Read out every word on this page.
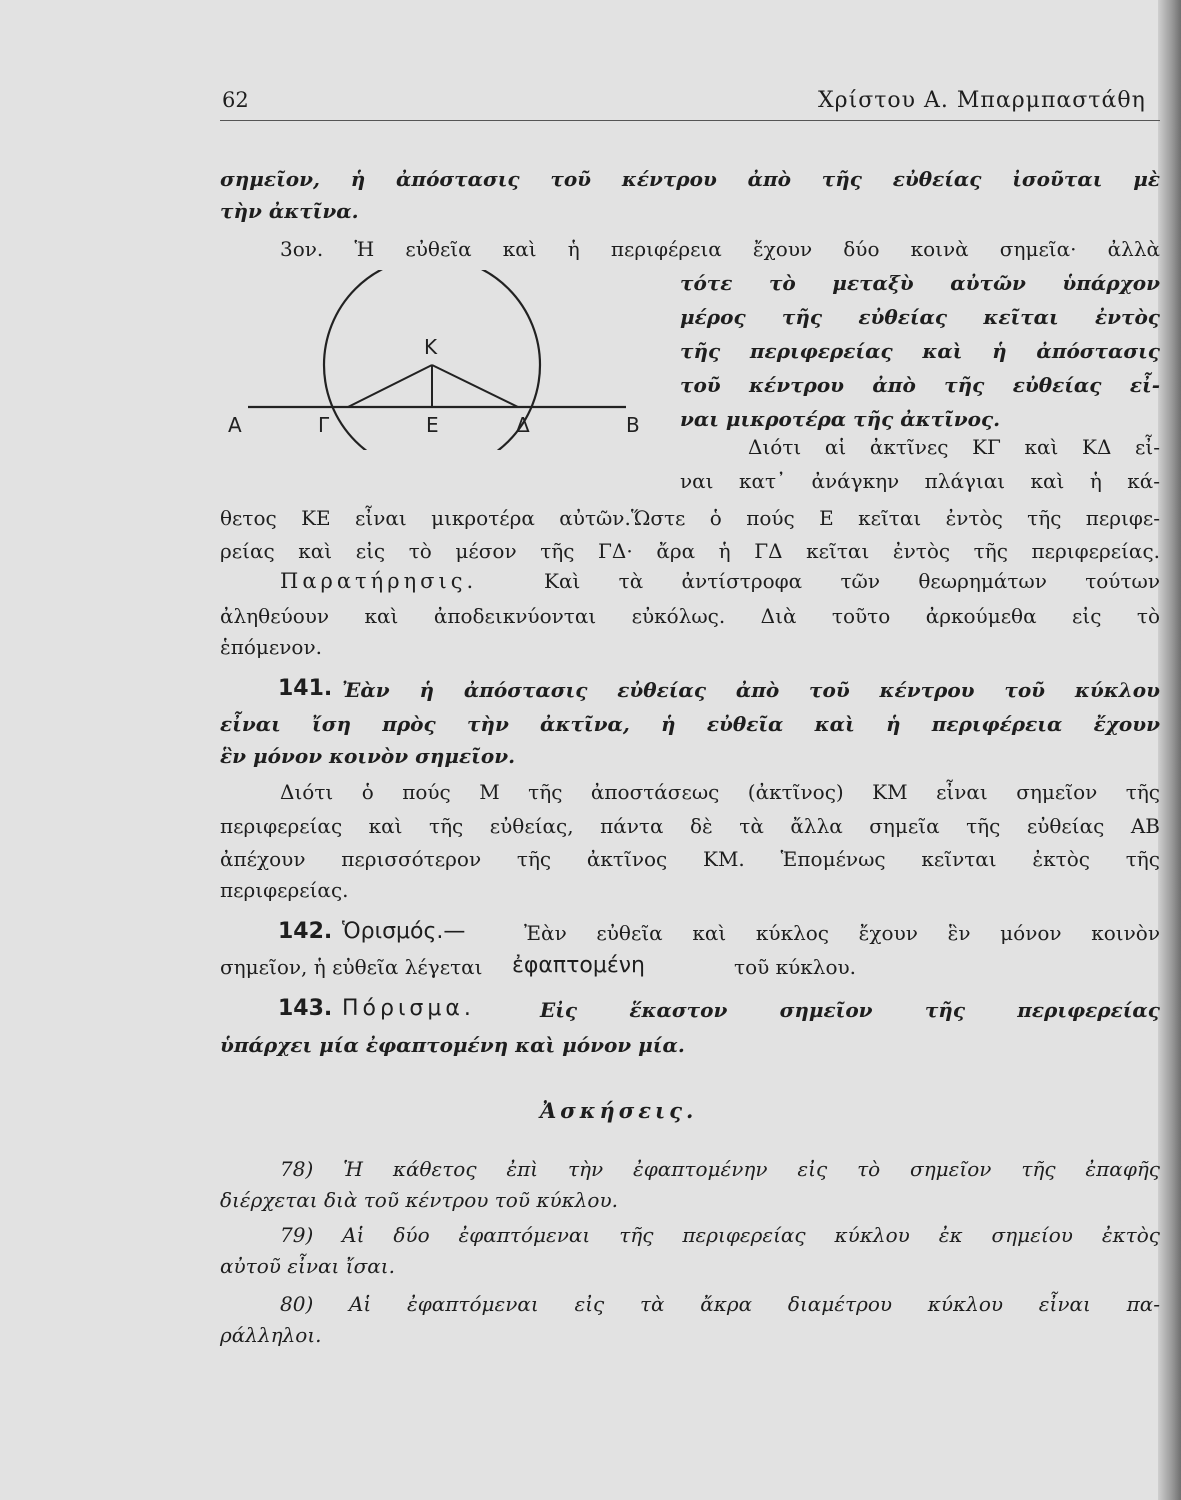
62	Χρίστου Α. Μπαρμπαστάθη
σημεῖον, ἡ ἀπόστασις τοῦ κέντρου ἀπὸ τῆς εὐθείας ἰσοῦται μὲ
τὴν ἀκτῖνα.
3ον. Ἡ εὐθεῖα καὶ ἡ περιφέρεια ἔχουν δύο κοινὰ σημεῖα· ἀλλὰ
Κ
Α	Γ	Ε	Δ	Β
τότε τὸ μεταξὺ αὐτῶν ὑπάρχον
μέρος τῆς εὐθείας κεῖται ἐντὸς
τῆς περιφερείας καὶ ἡ ἀπόστασις
τοῦ κέντρου ἀπὸ τῆς εὐθείας εἶ-
ναι μικροτέρα τῆς ἀκτῖνος.
Διότι αἱ ἀκτῖνες ΚΓ καὶ ΚΔ εἶ-
ναι κατ᾿ ἀνάγκην πλάγιαι καὶ ἡ κά-
θετος ΚΕ εἶναι μικροτέρα αὐτῶν.Ὥστε ὁ πούς Ε κεῖται ἐντὸς τῆς περιφε-
ρείας καὶ εἰς τὸ μέσον τῆς ΓΔ· ἄρα ἡ ΓΔ κεῖται ἐντὸς τῆς περιφερείας.
Παρατήρησις.	Καὶ τὰ ἀντίστροφα τῶν θεωρημάτων τούτων
ἀληθεύουν καὶ ἀποδεικνύονται εὐκόλως. Διὰ τοῦτο ἀρκούμεθα εἰς τὸ
ἑπόμενον.
141. Ἐὰν ἡ ἀπόστασις εὐθείας ἀπὸ τοῦ κέντρου τοῦ κύκλου
εἶναι ἴση πρὸς τὴν ἀκτῖνα, ἡ εὐθεῖα καὶ ἡ περιφέρεια ἔχουν
ἓν μόνον κοινὸν σημεῖον.
Διότι ὁ πούς Μ τῆς ἀποστάσεως (ἀκτῖνος) ΚΜ εἶναι σημεῖον τῆς
περιφερείας καὶ τῆς εὐθείας, πάντα δὲ τὰ ἄλλα σημεῖα τῆς εὐθείας ΑΒ
ἀπέχουν περισσότερον τῆς ἀκτῖνος ΚΜ. Ἑπομένως κεῖνται ἐκτὸς τῆς
περιφερείας.
142. Ὁρισμός.—	Ἐὰν εὐθεῖα καὶ κύκλος ἔχουν ἓν μόνον κοινὸν
σημεῖον, ἡ εὐθεῖα λέγεται ἐφαπτομένη	τοῦ κύκλου.
143. Πόρισμα.	Εἰς ἕκαστον σημεῖον τῆς περιφερείας
ὑπάρχει μία ἐφαπτομένη καὶ μόνον μία.
Ἀσκήσεις.
78) Ἡ κάθετος ἐπὶ τὴν ἐφαπτομένην εἰς τὸ σημεῖον τῆς ἐπαφῆς
διέρχεται διὰ τοῦ κέντρου τοῦ κύκλου.
79) Αἱ δύο ἐφαπτόμεναι τῆς περιφερείας κύκλου ἐκ σημείου ἐκτὸς
αὐτοῦ εἶναι ἴσαι.
80) Αἱ ἐφαπτόμεναι εἰς τὰ ἄκρα διαμέτρου κύκλου εἶναι πα-
ράλληλοι.
